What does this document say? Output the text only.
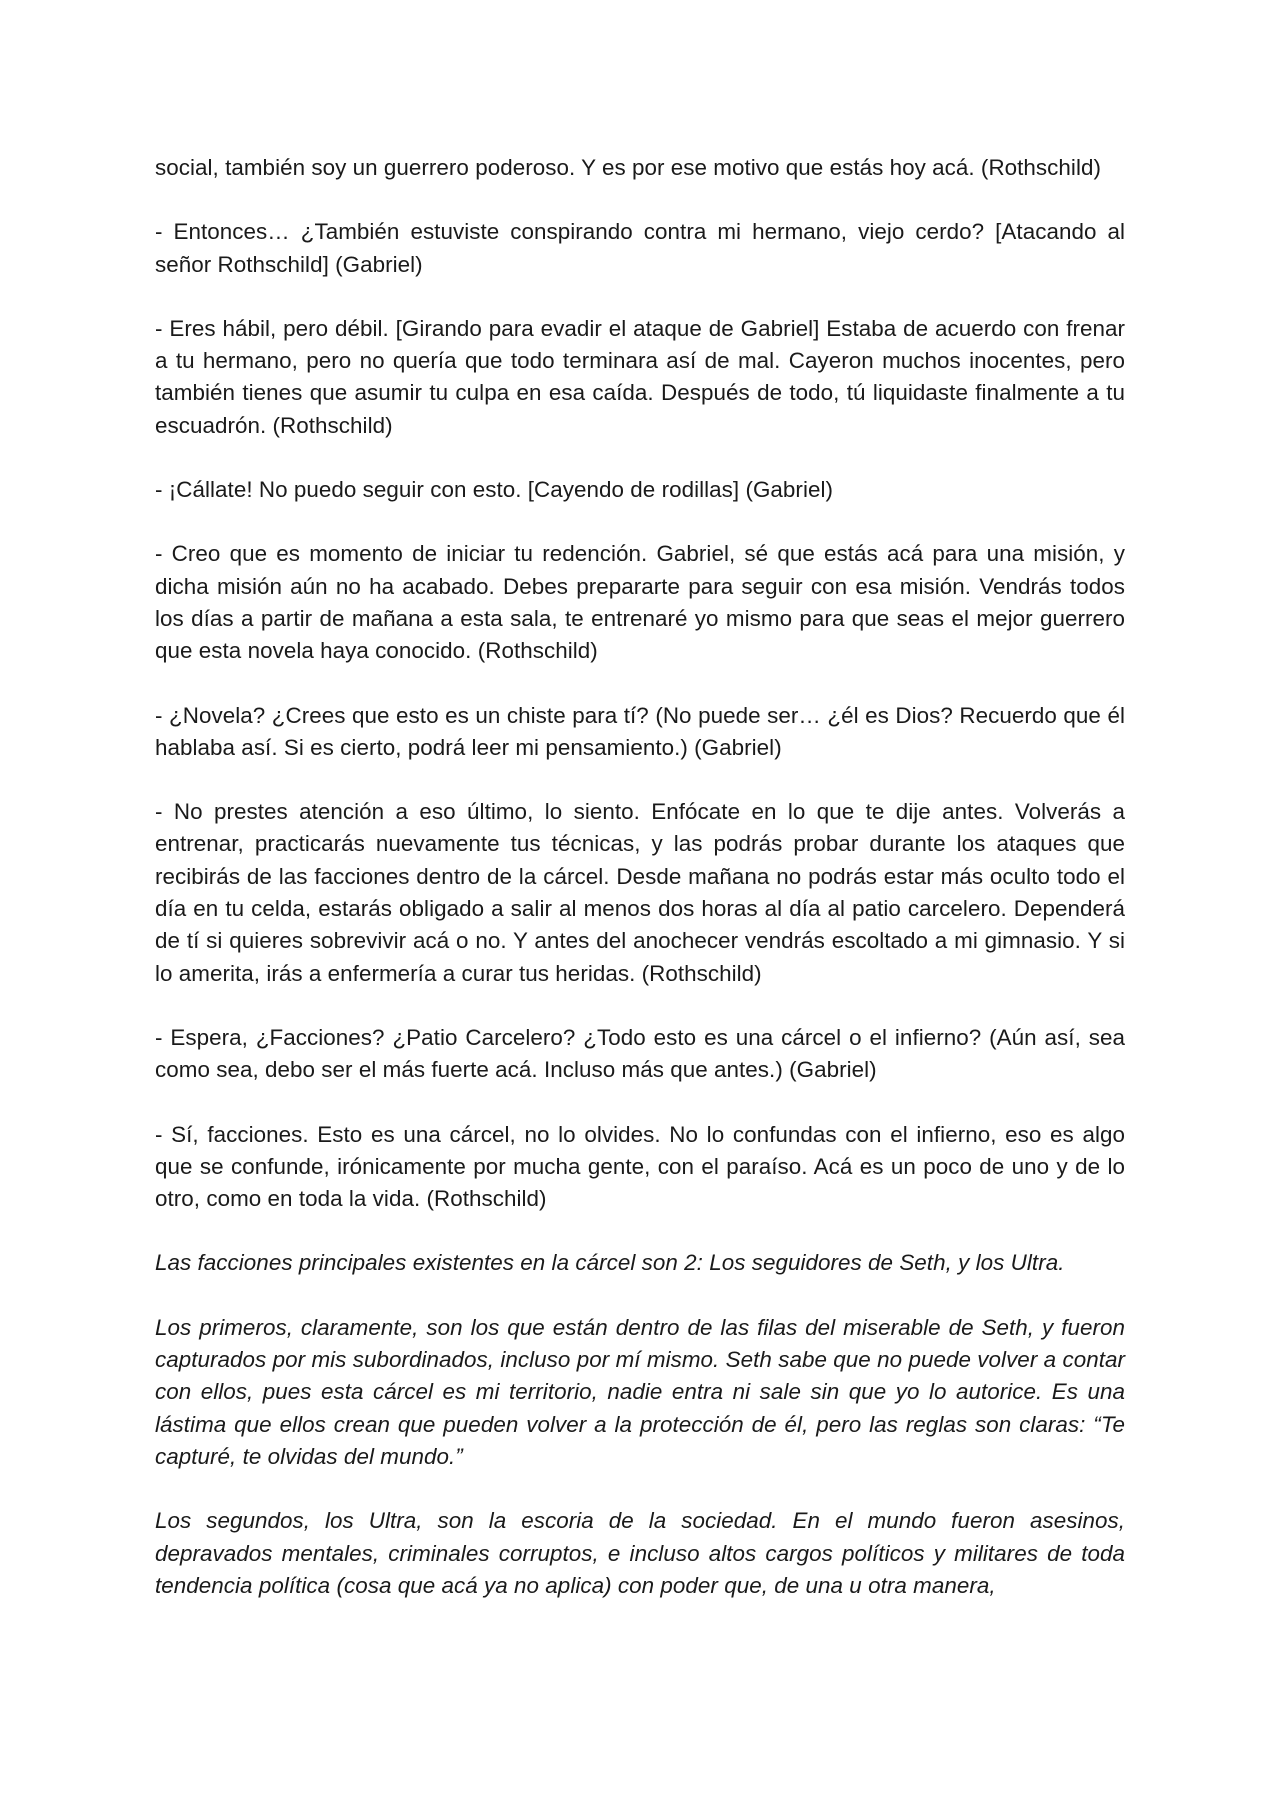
social, también soy un guerrero poderoso. Y es por ese motivo que estás hoy acá. (Rothschild)

- Entonces… ¿También estuviste conspirando contra mi hermano, viejo cerdo? [Atacando al señor Rothschild] (Gabriel)

- Eres hábil, pero débil. [Girando para evadir el ataque de Gabriel] Estaba de acuerdo con frenar a tu hermano, pero no quería que todo terminara así de mal. Cayeron muchos inocentes, pero también tienes que asumir tu culpa en esa caída. Después de todo, tú liquidaste finalmente a tu escuadrón. (Rothschild)

- ¡Cállate! No puedo seguir con esto. [Cayendo de rodillas] (Gabriel)

- Creo que es momento de iniciar tu redención. Gabriel, sé que estás acá para una misión, y dicha misión aún no ha acabado. Debes prepararte para seguir con esa misión. Vendrás todos los días a partir de mañana a esta sala, te entrenaré yo mismo para que seas el mejor guerrero que esta novela haya conocido. (Rothschild)

- ¿Novela? ¿Crees que esto es un chiste para tí? (No puede ser… ¿él es Dios? Recuerdo que él hablaba así. Si es cierto, podrá leer mi pensamiento.) (Gabriel)

- No prestes atención a eso último, lo siento. Enfócate en lo que te dije antes. Volverás a entrenar, practicarás nuevamente tus técnicas, y las podrás probar durante los ataques que recibirás de las facciones dentro de la cárcel. Desde mañana no podrás estar más oculto todo el día en tu celda, estarás obligado a salir al menos dos horas al día al patio carcelero. Dependerá de tí si quieres sobrevivir acá o no. Y antes del anochecer vendrás escoltado a mi gimnasio. Y si lo amerita, irás a enfermería a curar tus heridas. (Rothschild)

- Espera, ¿Facciones? ¿Patio Carcelero? ¿Todo esto es una cárcel o el infierno? (Aún así, sea como sea, debo ser el más fuerte acá. Incluso más que antes.) (Gabriel)

- Sí, facciones. Esto es una cárcel, no lo olvides. No lo confundas con el infierno, eso es algo que se confunde, irónicamente por mucha gente, con el paraíso. Acá es un poco de uno y de lo otro, como en toda la vida. (Rothschild)

Las facciones principales existentes en la cárcel son 2: Los seguidores de Seth, y los Ultra.

Los primeros, claramente, son los que están dentro de las filas del miserable de Seth, y fueron capturados por mis subordinados, incluso por mí mismo. Seth sabe que no puede volver a contar con ellos, pues esta cárcel es mi territorio, nadie entra ni sale sin que yo lo autorice. Es una lástima que ellos crean que pueden volver a la protección de él, pero las reglas son claras: “Te capturé, te olvidas del mundo.”

Los segundos, los Ultra, son la escoria de la sociedad. En el mundo fueron asesinos, depravados mentales, criminales corruptos, e incluso altos cargos políticos y militares de toda tendencia política (cosa que acá ya no aplica) con poder que, de una u otra manera,
